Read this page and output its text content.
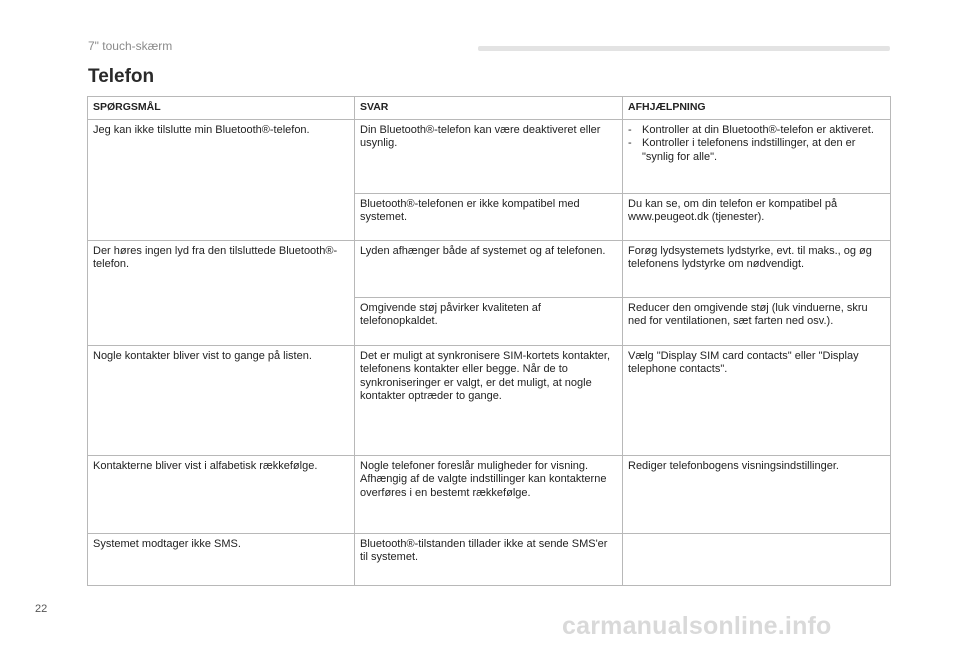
7" touch-skærm
Telefon
SPØRGSMÅL	SVAR	AFHJÆLPNING
Jeg kan ikke tilslutte min Bluetooth®-telefon.	Din Bluetooth®-telefon kan være deaktiveret eller usynlig.	- Kontroller at din Bluetooth®-telefon er aktiveret.
- Kontroller i telefonens indstillinger, at den er "synlig for alle".

	Bluetooth®-telefonen er ikke kompatibel med systemet.	Du kan se, om din telefon er kompatibel på www.peugeot.dk (tjenester).
Der høres ingen lyd fra den tilsluttede Bluetooth®-telefon.	Lyden afhænger både af systemet og af telefonen.	Forøg lydsystemets lydstyrke, evt. til maks., og øg telefonens lydstyrke om nødvendigt.
	Omgivende støj påvirker kvaliteten af telefonopkaldet.	Reducer den omgivende støj (luk vinduerne, skru ned for ventilationen, sæt farten ned osv.).
Nogle kontakter bliver vist to gange på listen.	Det er muligt at synkronisere SIM-kortets kontakter, telefonens kontakter eller begge. Når de to synkroniseringer er valgt, er det muligt, at nogle kontakter optræder to gange.	Vælg "Display SIM card contacts" eller "Display telephone contacts".
Kontakterne bliver vist i alfabetisk rækkefølge.	Nogle telefoner foreslår muligheder for visning. Afhængig af de valgte indstillinger kan kontakterne overføres i en bestemt rækkefølge.	Rediger telefonbogens visningsindstillinger.
Systemet modtager ikke SMS.	Bluetooth®-tilstanden tillader ikke at sende SMS'er til systemet.	
22
carmanualsonline.info
